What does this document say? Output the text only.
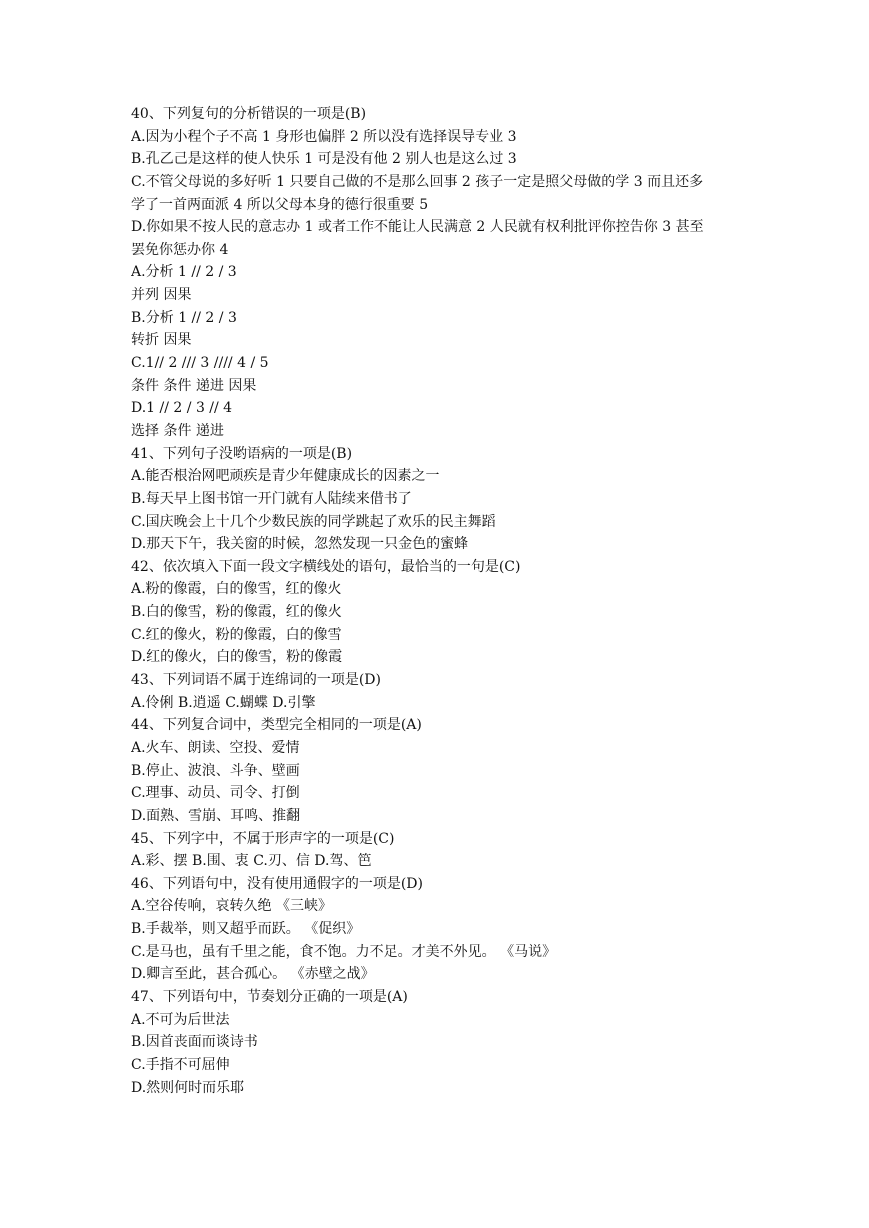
40、下列复句的分析错误的一项是(B)
A.因为小程个子不高 1 身形也偏胖 2 所以没有选择误导专业 3
B.孔乙己是这样的使人快乐 1 可是没有他 2 别人也是这么过 3
C.不管父母说的多好听 1 只要自己做的不是那么回事 2 孩子一定是照父母做的学 3 而且还多
学了一首两面派 4 所以父母本身的德行很重要 5
D.你如果不按人民的意志办 1 或者工作不能让人民满意 2 人民就有权利批评你控告你 3 甚至
罢免你惩办你 4
A.分析 1 // 2 / 3
并列 因果
B.分析 1 // 2 / 3
转折 因果
C.1// 2 /// 3 //// 4 / 5
条件 条件 递进 因果
D.1 // 2 / 3 // 4
选择 条件 递进
41、下列句子没哟语病的一项是(B)
A.能否根治网吧顽疾是青少年健康成长的因素之一
B.每天早上图书馆一开门就有人陆续来借书了
C.国庆晚会上十几个少数民族的同学跳起了欢乐的民主舞蹈
D.那天下午，我关窗的时候，忽然发现一只金色的蜜蜂
42、依次填入下面一段文字横线处的语句，最恰当的一句是(C)
A.粉的像霞，白的像雪，红的像火
B.白的像雪，粉的像霞，红的像火
C.红的像火，粉的像霞，白的像雪
D.红的像火，白的像雪，粉的像霞
43、下列词语不属于连绵词的一项是(D)
A.伶俐 B.逍遥 C.蝴蝶 D.引擎
44、下列复合词中，类型完全相同的一项是(A)
A.火车、朗读、空投、爱情
B.停止、波浪、斗争、壁画
C.理事、动员、司令、打倒
D.面熟、雪崩、耳鸣、推翻
45、下列字中，不属于形声字的一项是(C)
A.彩、摆 B.围、衷 C.刃、信 D.驾、笆
46、下列语句中，没有使用通假字的一项是(D)
A.空谷传响，哀转久绝 《三峡》
B.手裁举，则又超乎而跃。 《促织》
C.是马也，虽有千里之能，食不饱。力不足。才美不外见。 《马说》
D.卿言至此，甚合孤心。 《赤壁之战》
47、下列语句中，节奏划分正确的一项是(A)
A.不可为后世法
B.因首丧面而谈诗书
C.手指不可屈伸
D.然则何时而乐耶
